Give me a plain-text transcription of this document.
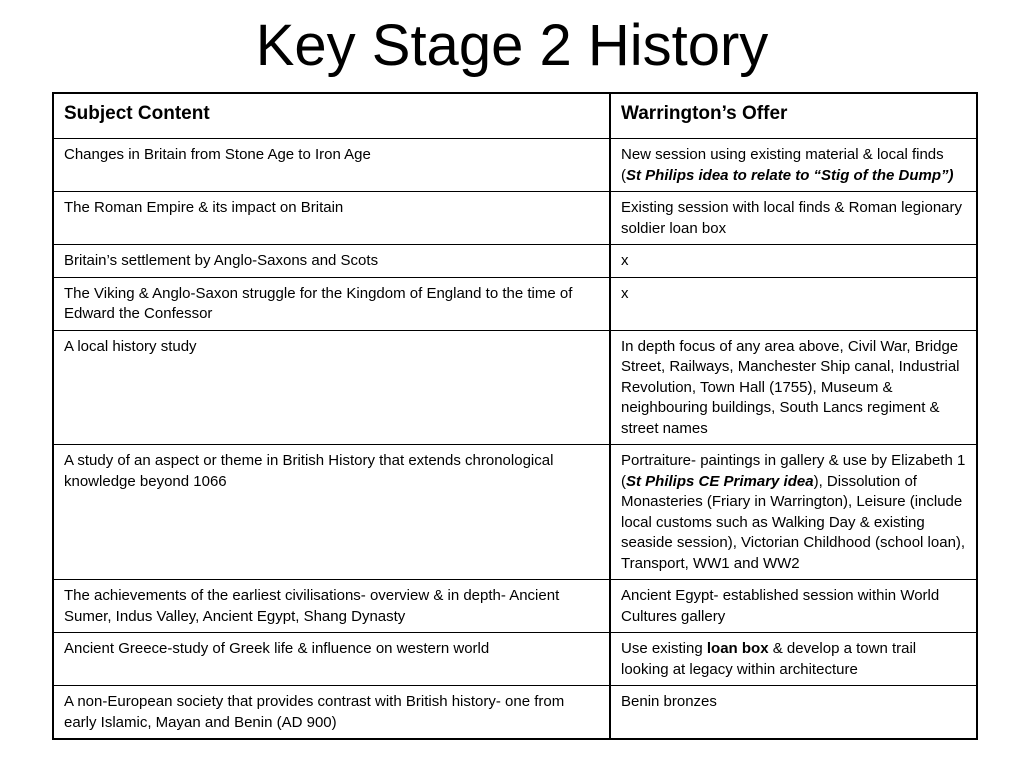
Key Stage 2 History
Subject Content	Warrington’s Offer
Changes in Britain from Stone Age to Iron Age	New session using existing material & local finds (St Philips idea to relate to “Stig of the Dump”)
The Roman Empire & its impact on Britain	Existing session with local finds & Roman legionary soldier loan box
Britain’s settlement by Anglo-Saxons and Scots	x
The Viking & Anglo-Saxon struggle for the Kingdom of England to the time of Edward the Confessor	x
A local history study	In depth focus of any area above, Civil War, Bridge Street, Railways, Manchester Ship canal, Industrial Revolution, Town Hall (1755), Museum & neighbouring buildings, South Lancs regiment & street names
A study of an aspect or theme in British History that extends chronological knowledge beyond 1066	Portraiture- paintings in gallery & use by Elizabeth 1 (St Philips CE Primary idea), Dissolution of Monasteries (Friary in Warrington), Leisure (include local customs such as Walking Day & existing seaside session), Victorian Childhood (school loan), Transport, WW1 and WW2
The achievements of the earliest civilisations- overview & in depth- Ancient Sumer, Indus Valley, Ancient Egypt, Shang Dynasty	Ancient Egypt- established session within World Cultures gallery
Ancient Greece-study of Greek life & influence on western world	Use existing loan box & develop a town trail looking at legacy within architecture
A non-European society that provides contrast with British history- one from early Islamic, Mayan and Benin (AD 900)	Benin bronzes
